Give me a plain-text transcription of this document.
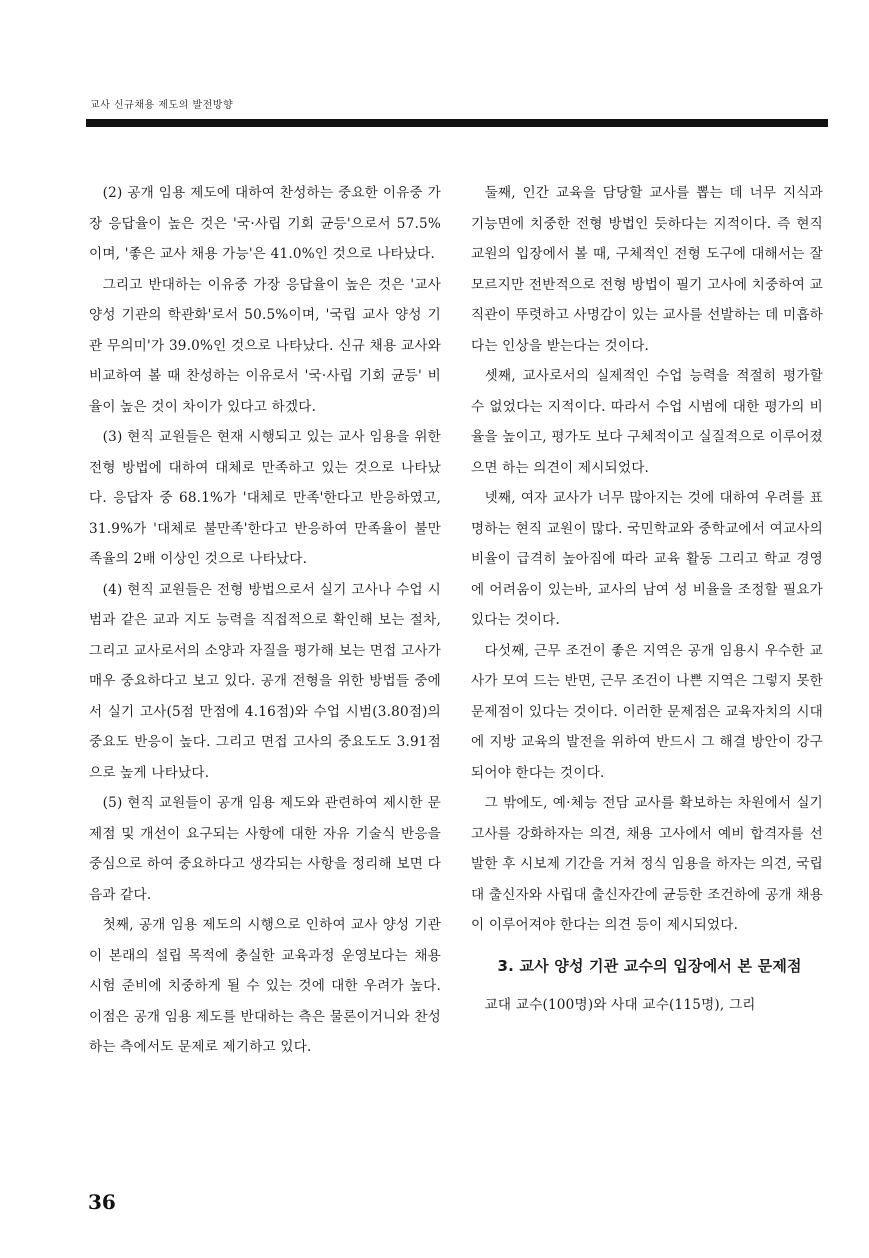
교사 신규채용 제도의 발전방향

(2) 공개 임용 제도에 대하여 찬성하는 중요한 이유중 가장 응답율이 높은 것은 '국·사립 기회 균등'으로서 57.5%이며, '좋은 교사 채용 가능'은 41.0%인 것으로 나타났다.

그리고 반대하는 이유중 가장 응답율이 높은 것은 '교사 양성 기관의 학관화'로서 50.5%이며, '국립 교사 양성 기관 무의미'가 39.0%인 것으로 나타났다. 신규 채용 교사와 비교하여 볼 때 찬성하는 이유로서 '국·사립 기회 균등' 비율이 높은 것이 차이가 있다고 하겠다.

(3) 현직 교원들은 현재 시행되고 있는 교사 임용을 위한 전형 방법에 대하여 대체로 만족하고 있는 것으로 나타났다. 응답자 중 68.1%가 '대체로 만족'한다고 반응하였고, 31.9%가 '대체로 불만족'한다고 반응하여 만족율이 불만족율의 2배 이상인 것으로 나타났다.

(4) 현직 교원들은 전형 방법으로서 실기 고사나 수업 시범과 같은 교과 지도 능력을 직접적으로 확인해 보는 절차, 그리고 교사로서의 소양과 자질을 평가해 보는 면접 고사가 매우 중요하다고 보고 있다. 공개 전형을 위한 방법들 중에서 실기 고사(5점 만점에 4.16점)와 수업 시범(3.80점)의 중요도 반응이 높다. 그리고 면접 고사의 중요도도 3.91점으로 높게 나타났다.

(5) 현직 교원들이 공개 임용 제도와 관련하여 제시한 문제점 및 개선이 요구되는 사항에 대한 자유 기술식 반응을 중심으로 하여 중요하다고 생각되는 사항을 정리해 보면 다음과 같다.

첫째, 공개 임용 제도의 시행으로 인하여 교사 양성 기관이 본래의 설립 목적에 충실한 교육과정 운영보다는 채용 시험 준비에 치중하게 될 수 있는 것에 대한 우려가 높다. 이점은 공개 임용 제도를 반대하는 측은 물론이거니와 찬성하는 측에서도 문제로 제기하고 있다.

둘째, 인간 교육을 담당할 교사를 뽑는 데 너무 지식과 기능면에 치중한 전형 방법인 듯하다는 지적이다. 즉 현직 교원의 입장에서 볼 때, 구체적인 전형 도구에 대해서는 잘 모르지만 전반적으로 전형 방법이 필기 고사에 치중하여 교직관이 뚜렷하고 사명감이 있는 교사를 선발하는 데 미흡하다는 인상을 받는다는 것이다.

셋째, 교사로서의 실제적인 수업 능력을 적절히 평가할 수 없었다는 지적이다. 따라서 수업 시범에 대한 평가의 비율을 높이고, 평가도 보다 구체적이고 실질적으로 이루어졌으면 하는 의견이 제시되었다.

넷째, 여자 교사가 너무 많아지는 것에 대하여 우려를 표명하는 현직 교원이 많다. 국민학교와 중학교에서 여교사의 비율이 급격히 높아짐에 따라 교육 활동 그리고 학교 경영에 어려움이 있는바, 교사의 남여 성 비율을 조정할 필요가 있다는 것이다.

다섯째, 근무 조건이 좋은 지역은 공개 임용시 우수한 교사가 모여 드는 반면, 근무 조건이 나쁜 지역은 그렇지 못한 문제점이 있다는 것이다. 이러한 문제점은 교육자치의 시대에 지방 교육의 발전을 위하여 반드시 그 해결 방안이 강구되어야 한다는 것이다.

그 밖에도, 예·체능 전담 교사를 확보하는 차원에서 실기 고사를 강화하자는 의견, 채용 고사에서 예비 합격자를 선발한 후 시보제 기간을 거쳐 정식 임용을 하자는 의견, 국립대 출신자와 사립대 출신자간에 균등한 조건하에 공개 채용이 이루어져야 한다는 의견 등이 제시되었다.

3. 교사 양성 기관 교수의 입장에서 본 문제점

교대 교수(100명)와 사대 교수(115명), 그리

36
